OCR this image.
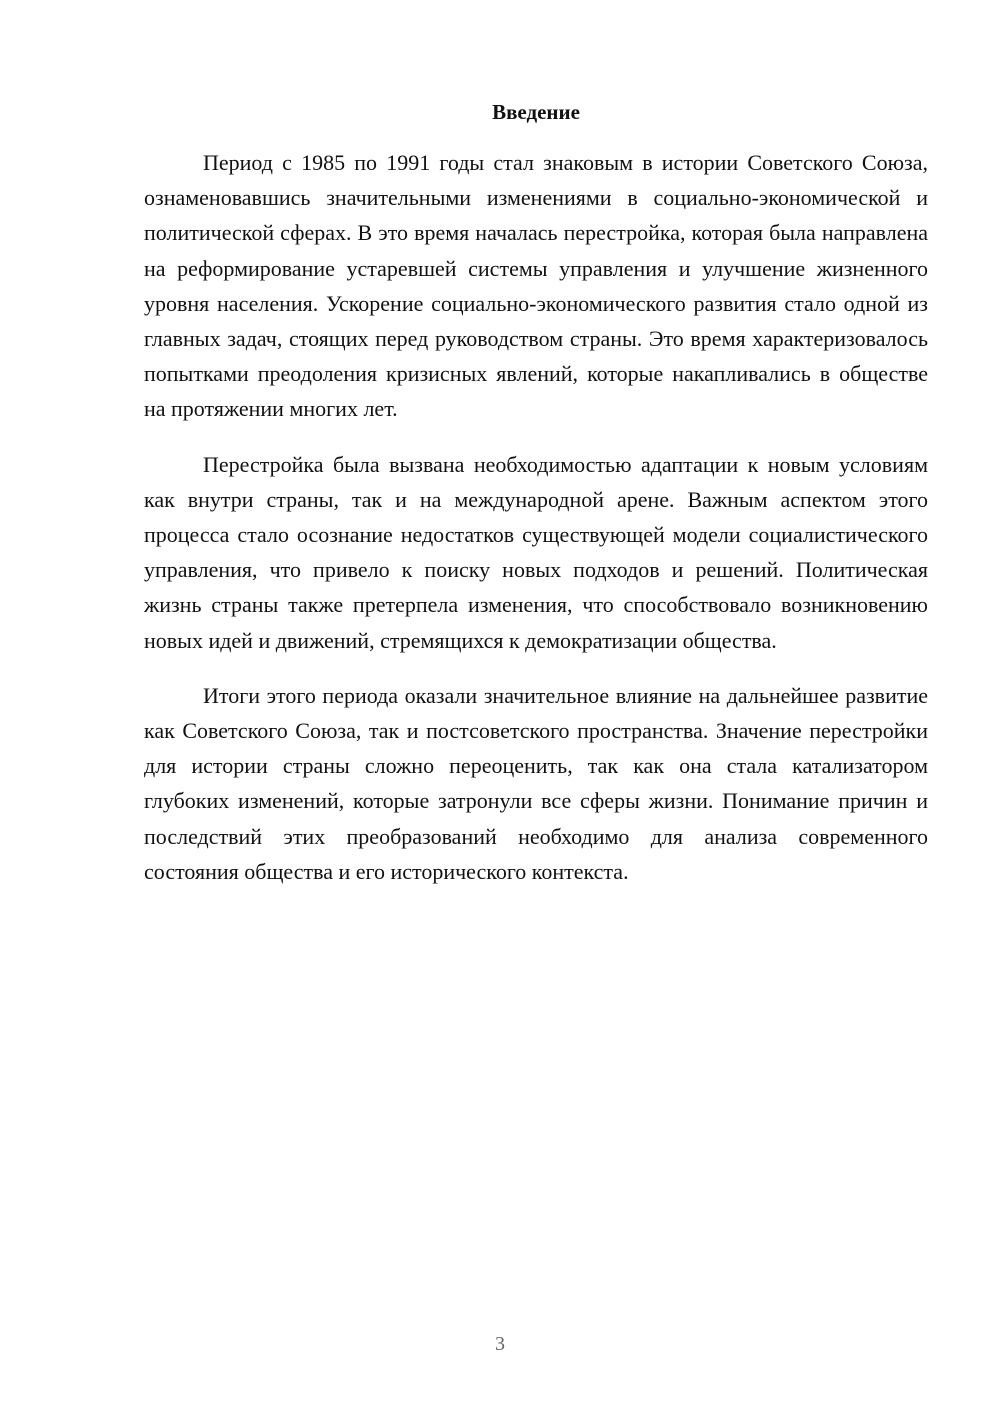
Введение

Период с 1985 по 1991 годы стал знаковым в истории Советского Союза, ознаменовавшись значительными изменениями в социально-экономической и политической сферах. В это время началась перестройка, которая была направлена на реформирование устаревшей системы управления и улучшение жизненного уровня населения. Ускорение социально-экономического развития стало одной из главных задач, стоящих перед руководством страны. Это время характеризовалось попытками преодоления кризисных явлений, которые накапливались в обществе на протяжении многих лет.

Перестройка была вызвана необходимостью адаптации к новым условиям как внутри страны, так и на международной арене. Важным аспектом этого процесса стало осознание недостатков существующей модели социалистического управления, что привело к поиску новых подходов и решений. Политическая жизнь страны также претерпела изменения, что способствовало возникновению новых идей и движений, стремящихся к демократизации общества.

Итоги этого периода оказали значительное влияние на дальнейшее развитие как Советского Союза, так и постсоветского пространства. Значение перестройки для истории страны сложно переоценить, так как она стала катализатором глубоких изменений, которые затронули все сферы жизни. Понимание причин и последствий этих преобразований необходимо для анализа современного состояния общества и его исторического контекста.

3
